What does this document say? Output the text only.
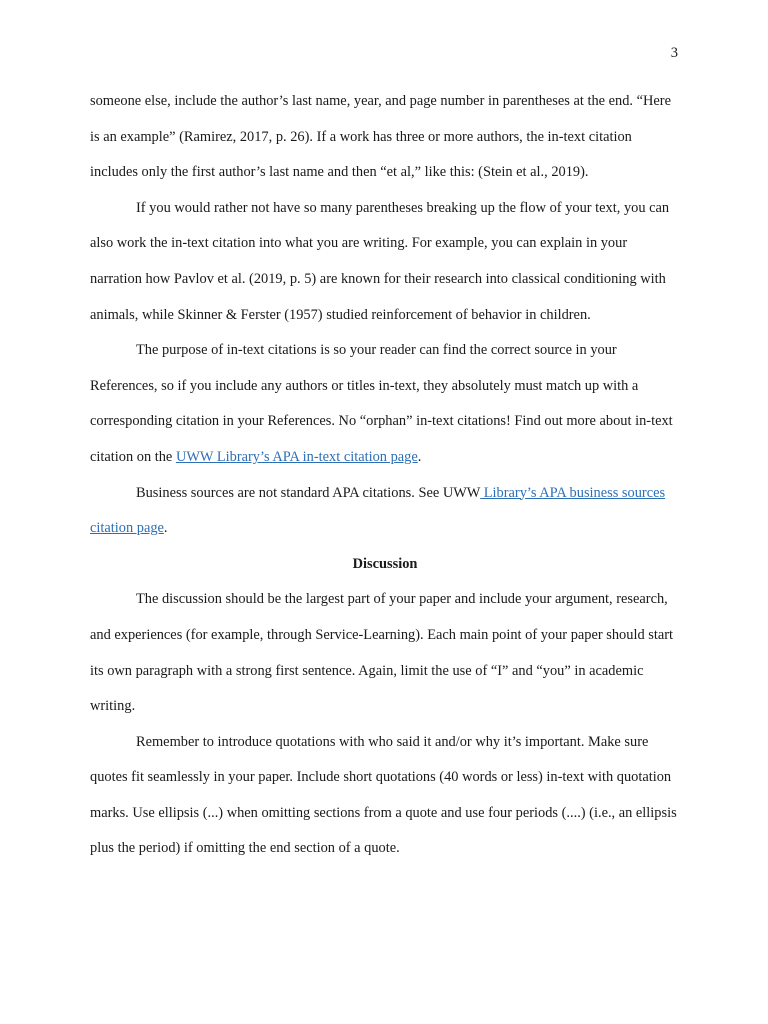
3

someone else, include the author’s last name, year, and page number in parentheses at the end. “Here is an example” (Ramirez, 2017, p. 26). If a work has three or more authors, the in-text citation includes only the first author’s last name and then “et al,” like this: (Stein et al., 2019).

If you would rather not have so many parentheses breaking up the flow of your text, you can also work the in-text citation into what you are writing. For example, you can explain in your narration how Pavlov et al. (2019, p. 5) are known for their research into classical conditioning with animals, while Skinner & Ferster (1957) studied reinforcement of behavior in children.

The purpose of in-text citations is so your reader can find the correct source in your References, so if you include any authors or titles in-text, they absolutely must match up with a corresponding citation in your References. No “orphan” in-text citations! Find out more about in-text citation on the UWW Library’s APA in-text citation page.

Business sources are not standard APA citations. See UWW Library’s APA business sources citation page.

Discussion

The discussion should be the largest part of your paper and include your argument, research, and experiences (for example, through Service-Learning). Each main point of your paper should start its own paragraph with a strong first sentence. Again, limit the use of “I” and “you” in academic writing.

Remember to introduce quotations with who said it and/or why it’s important. Make sure quotes fit seamlessly in your paper. Include short quotations (40 words or less) in-text with quotation marks. Use ellipsis (...) when omitting sections from a quote and use four periods (....) (i.e., an ellipsis plus the period) if omitting the end section of a quote.
